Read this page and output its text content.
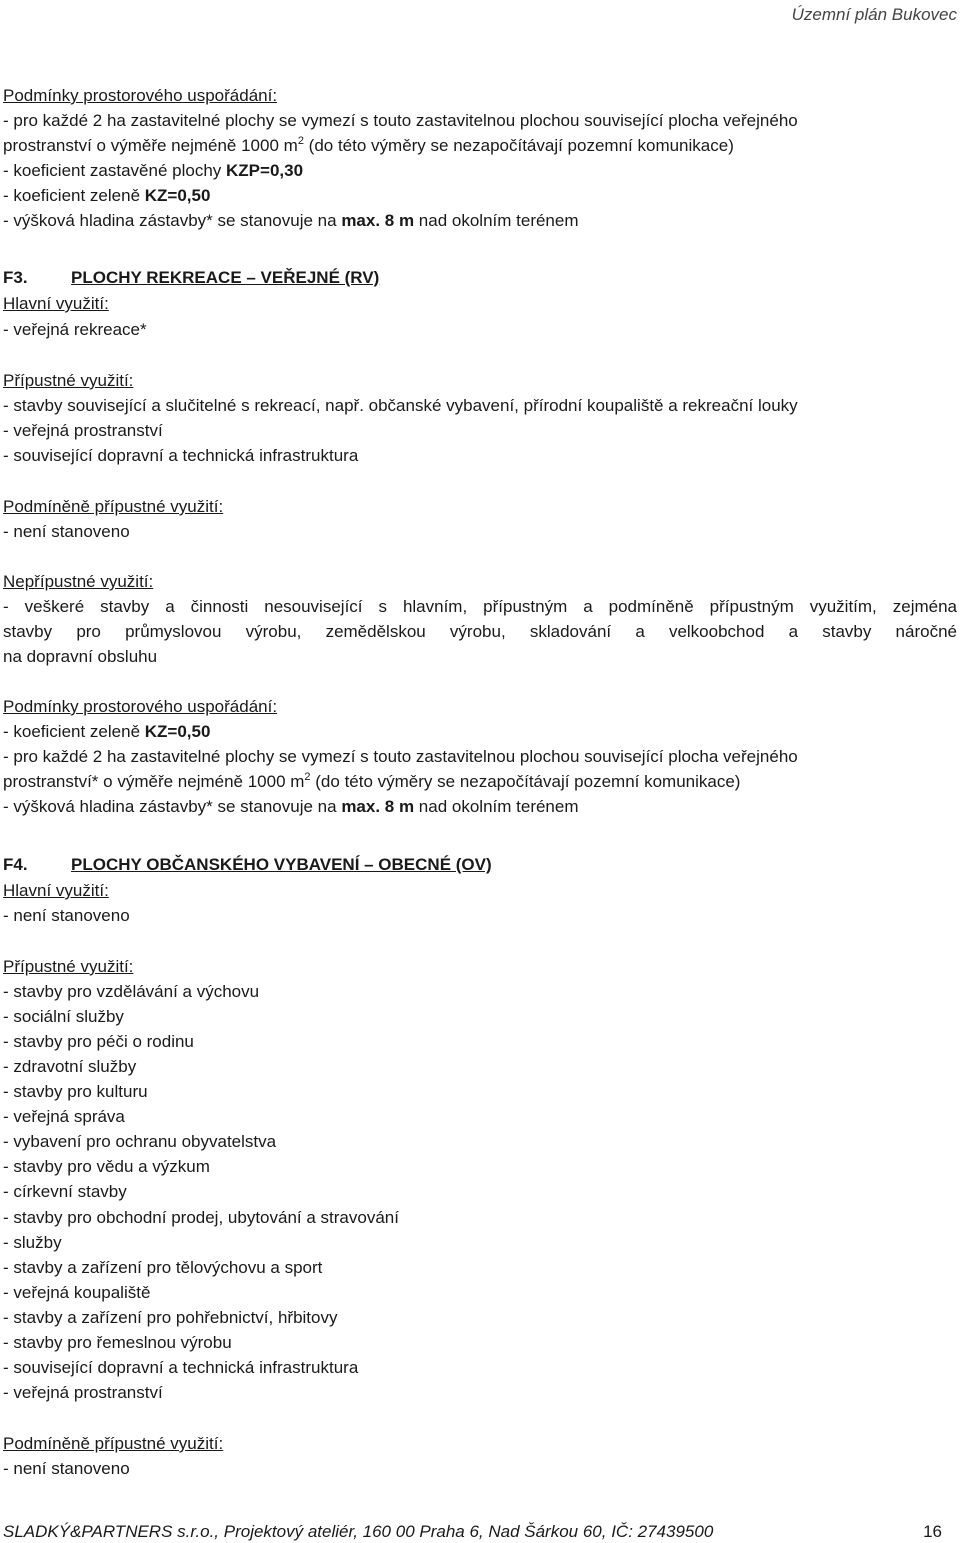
Územní plán Bukovec
Podmínky prostorového uspořádání:
- pro každé 2 ha zastavitelné plochy se vymezí s touto zastavitelnou plochou související plocha veřejného
prostranství o výměře nejméně 1000 $m^2$ (do této výměry se nezapočítávají pozemní komunikace)
- koeficient zastavěné plochy KZP=0,30
- koeficient zeleně KZ=0,50
- výšková hladina zástavby* se stanovuje na max. 8 m nad okolním terénem
F3.	PLOCHY REKREACE – VEŘEJNÉ (RV)
Hlavní využití:
- veřejná rekreace*
Přípustné využití:
- stavby související a slučitelné s rekreací, např. občanské vybavení, přírodní koupaliště a rekreační louky
- veřejná prostranství
- související dopravní a technická infrastruktura
Podmíněně přípustné využití:
- není stanoveno
Nepřípustné využití:
- veškeré stavby a činnosti nesouvisející s hlavním, přípustným a podmíněně přípustným využitím, zejména
stavby pro průmyslovou výrobu, zemědělskou výrobu, skladování a velkoobchod a stavby náročné
na dopravní obsluhu
Podmínky prostorového uspořádání:
- koeficient zeleně KZ=0,50
- pro každé 2 ha zastavitelné plochy se vymezí s touto zastavitelnou plochou související plocha veřejného
prostranství* o výměře nejméně 1000 $m^2$ (do této výměry se nezapočítávají pozemní komunikace)
- výšková hladina zástavby* se stanovuje na max. 8 m nad okolním terénem
F4.	PLOCHY OBČANSKÉHO VYBAVENÍ – OBECNÉ (OV)
Hlavní využití:
- není stanoveno
Přípustné využití:
- stavby pro vzdělávání a výchovu
- sociální služby
- stavby pro péči o rodinu
- zdravotní služby
- stavby pro kulturu
- veřejná správa
- vybavení pro ochranu obyvatelstva
- stavby pro vědu a výzkum
- církevní stavby
- stavby pro obchodní prodej, ubytování a stravování
- služby
- stavby a zařízení pro tělovýchovu a sport
- veřejná koupaliště
- stavby a zařízení pro pohřebnictví, hřbitovy
- stavby pro řemeslnou výrobu
- související dopravní a technická infrastruktura
- veřejná prostranství
Podmíněně přípustné využití:
- není stanoveno
SLADKÝ&PARTNERS s.r.o., Projektový ateliér, 160 00 Praha 6, Nad Šárkou 60, IČ: 27439500	16
